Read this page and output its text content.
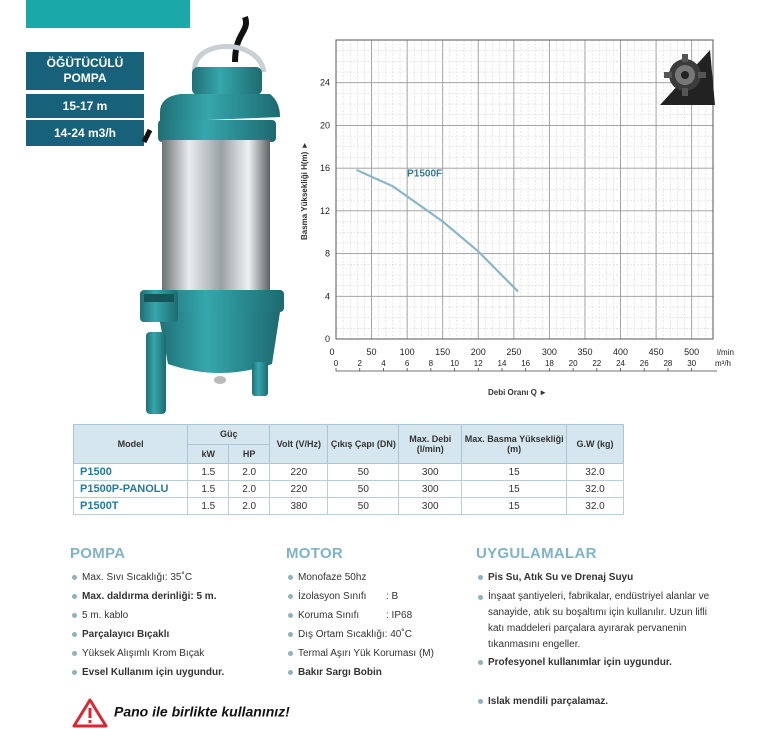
ÖĞÜTÜCÜLÜ POMPA
15-17 m
14-24 m3/h
0
4
8
12
16
20
24
0	50	100 150 200 250 300 350 400 450 500 l/min
0 2 4 6 8 10 12 14 16 18 20 22 24 26 28 30 m³/h
P1500F
Basma Yüksekliği H(m) ►
Debi Oranı Q ►
Model	Güç		Volt (V/Hz)	Çıkış Çapı (DN)	Max. Debi (l/min)	Max. Basma Yüksekliği (m)	G.W (kg)
	kW	HP					
P1500	1.5	2.0	220	50	300	15	32.0
P1500P-PANOLU	1.5	2.0	220	50	300	15	32.0
P1500T	1.5	2.0	380	50	300	15	32.0
POMPA
Max. Sıvı Sıcaklığı: 35˚C
Max. daldırma derinliği: 5 m.
5 m. kablo
Parçalayıcı Bıçaklı
Yüksek Alışımlı Krom Bıçak
Evsel Kullanım için uygundur.
MOTOR
Monofaze 50hz
İzolasyon Sınıfı : B
Koruma Sınıfı	: IP68
Dış Ortam Sıcaklığı: 40˚C
Termal Aşırı Yük Koruması (M)
Bakır Sargı Bobin
UYGULAMALAR
Pis Su, Atık Su ve Drenaj Suyu
İnşaat şantiyeleri, fabrikalar, endüstriyel alanlar ve sanayide, atık su boşaltımı için kullanılır. Uzun lifli katı maddeleri parçalara ayırarak pervanenin tıkanmasını engeller.
Profesyonel kullanımlar için uygundur.
Islak mendili parçalamaz.
Pano ile birlikte kullanınız!
